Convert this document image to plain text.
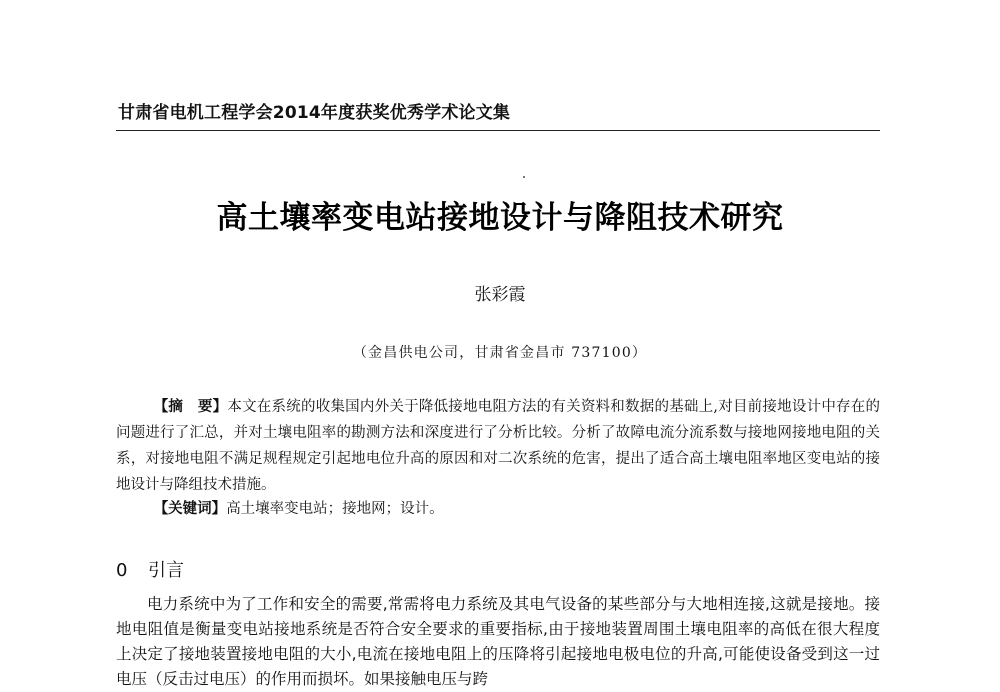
甘肃省电机工程学会2014年度获奖优秀学术论文集
高土壤率变电站接地设计与降阻技术研究
张彩霞
（金昌供电公司，甘肃省金昌市 737100）
【摘　要】本文在系统的收集国内外关于降低接地电阻方法的有关资料和数据的基础上,对目前接地设计中存在的问题进行了汇总，并对土壤电阻率的勘测方法和深度进行了分析比较。分析了故障电流分流系数与接地网接地电阻的关系，对接地电阻不满足规程规定引起地电位升高的原因和对二次系统的危害，提出了适合高土壤电阻率地区变电站的接地设计与降组技术措施。
【关键词】高土壤率变电站；接地网；设计。
0 引言
电力系统中为了工作和安全的需要,常需将电力系统及其电气设备的某些部分与大地相连接,这就是接地。接地电阻值是衡量变电站接地系统是否符合安全要求的重要指标,由于接地装置周围土壤电阻率的高低在很大程度上决定了接地装置接地电阻的大小,电流在接地电阻上的压降将引起接地电极电位的升高,可能使设备受到这一过电压（反击过电压）的作用而损坏。如果接触电压与跨
